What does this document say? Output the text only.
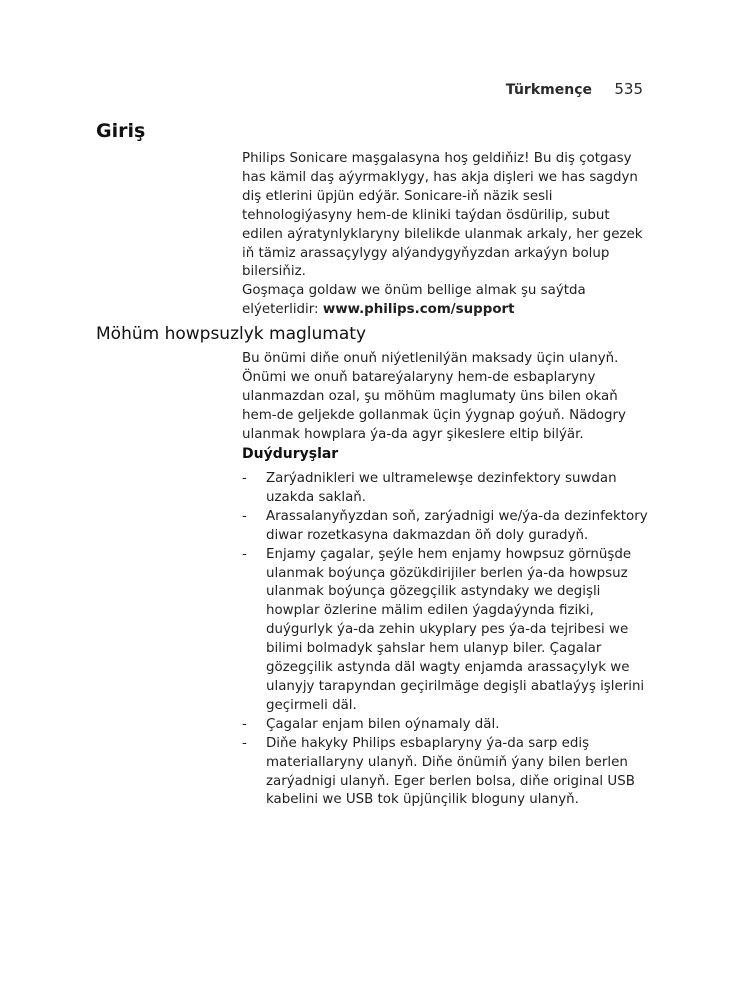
Türkmençe 535
Giriş

Philips Sonicare maşgalasyna hoş geldiňiz! Bu diş çotgasy has kämil daş aýyrmaklygy, has akja dişleri we has sagdyn diş etlerini üpjün edýär. Sonicare-iň näzik sesli tehnologiýasyny hem-de kliniki taýdan ösdürilip, subut edilen aýratynlyklaryny bilelikde ulanmak arkaly, her gezek iň tämiz arassaçylygy alýandygyňyzdan arkaýyn bolup bilersiňiz.

Goşmaça goldaw we önüm bellige almak şu saýtda elýeterlidir: www.philips.com/support

Möhüm howpsuzlyk maglumaty

Bu önümi diňe onuň niýetlenilýän maksady üçin ulanyň. Önümi we onuň batareýalaryny hem-de esbaplaryny ulanmazdan ozal, şu möhüm maglumaty üns bilen okaň hem-de geljekde gollanmak üçin ýygnap goýuň. Nädogry ulanmak howplara ýa-da agyr şikeslere eltip bilýär.

Duýduryşlar
- Zarýadnikleri we ultramelewşe dezinfektory suwdan uzakda saklaň.
- Arassalanyňyzdan soň, zarýadnigi we/ýa-da dezinfektory diwar rozetkasyna dakmazdan öň doly guradyň.
- Enjamy çagalar, şeýle hem enjamy howpsuz görnüşde ulanmak boýunça gözükdirijiler berlen ýa-da howpsuz ulanmak boýunça gözegçilik astyndaky we degişli howplar özlerine mälim edilen ýagdaýynda fiziki, duýgurlyk ýa-da zehin ukyplary pes ýa-da tejribesi we bilimi bolmadyk şahslar hem ulanyp biler. Çagalar gözegçilik astynda däl wagty enjamda arassaçylyk we ulanyjy tarapyndan geçirilmäge degişli abatlaýyş işlerini geçirmeli däl.
- Çagalar enjam bilen oýnamaly däl.
- Diňe hakyky Philips esbaplaryny ýa-da sarp ediş materiallaryny ulanyň. Diňe önümiň ýany bilen berlen zarýadnigi ulanyň. Eger berlen bolsa, diňe original USB kabelini we USB tok üpjünçilik bloguny ulanyň.
